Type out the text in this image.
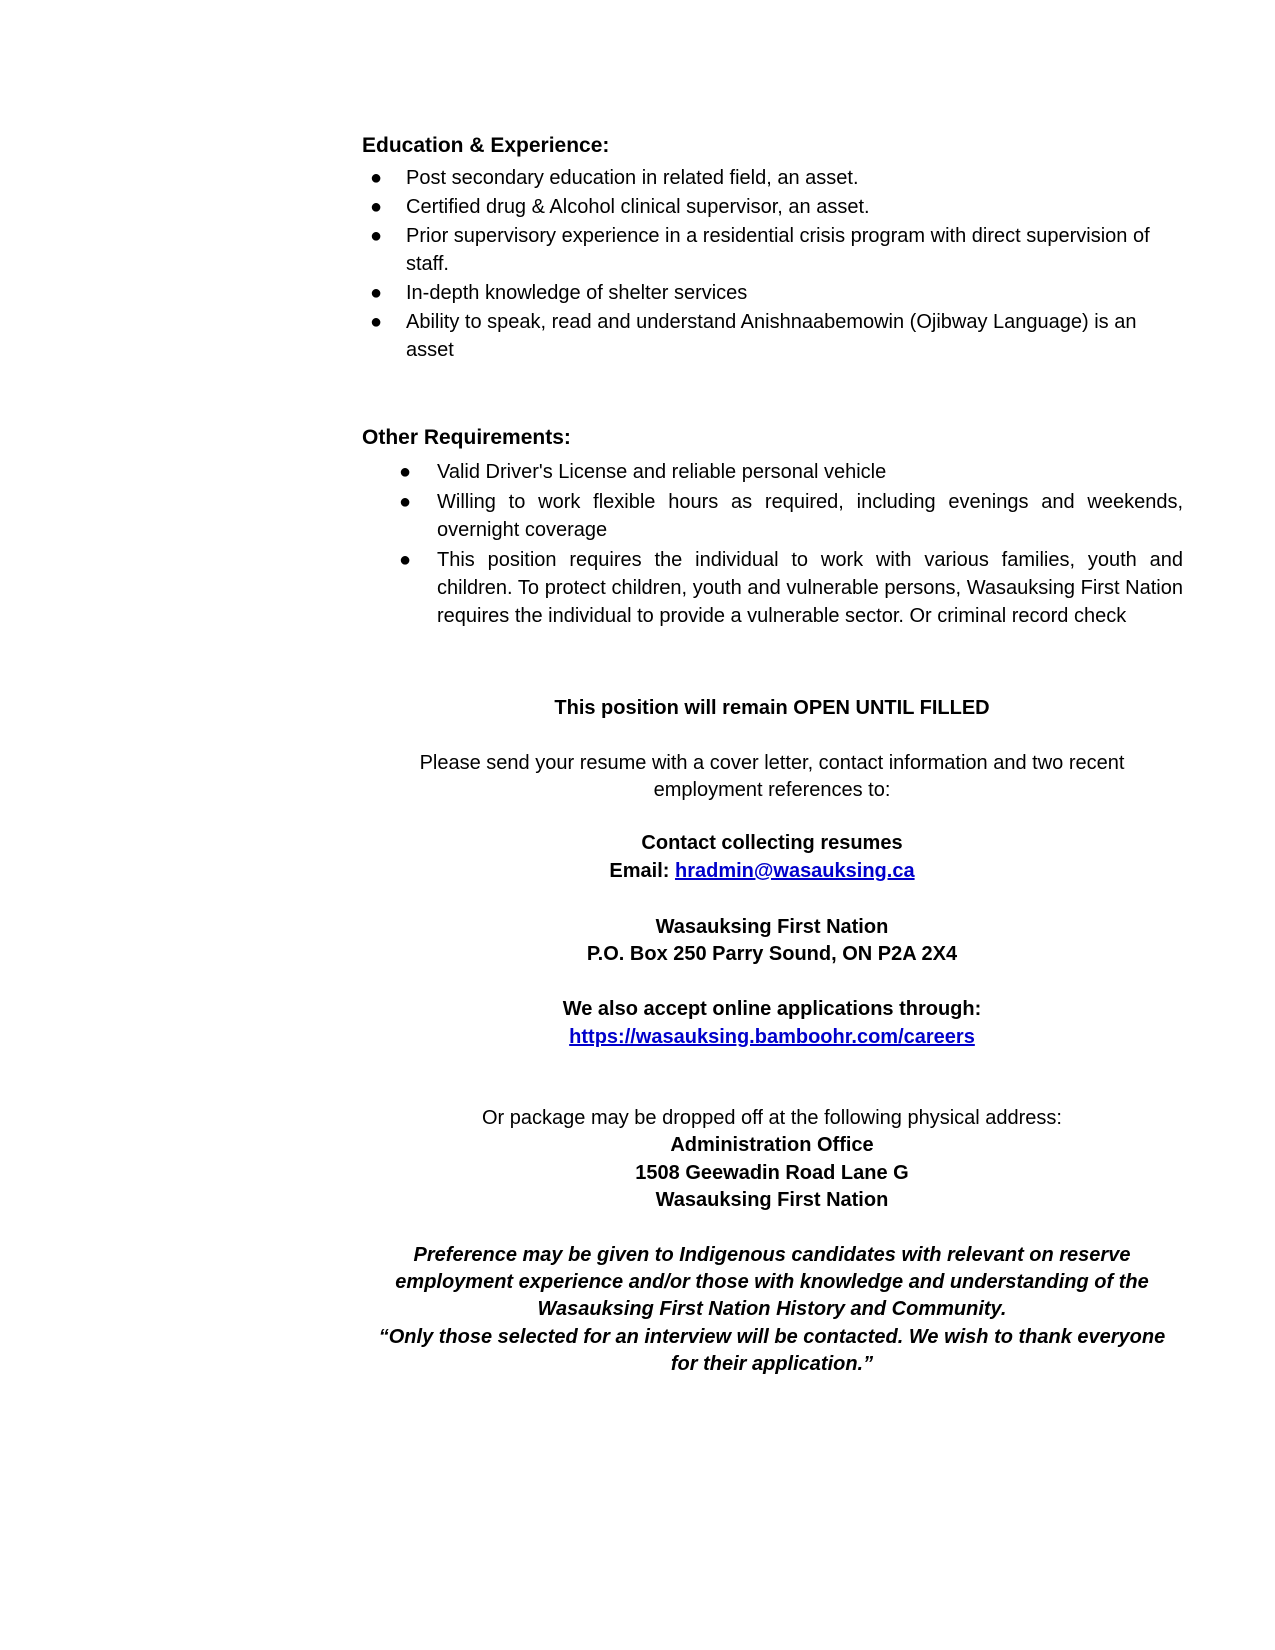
Education & Experience:
● Post secondary education in related field, an asset.
● Certified drug & Alcohol clinical supervisor, an asset.
● Prior supervisory experience in a residential crisis program with direct supervision of staff.
● In-depth knowledge of shelter services
● Ability to speak, read and understand Anishnaabemowin (Ojibway Language) is an asset
Other Requirements:
● Valid Driver's License and reliable personal vehicle
● Willing to work flexible hours as required, including evenings and weekends, overnight coverage
● This position requires the individual to work with various families, youth and children. To protect children, youth and vulnerable persons, Wasauksing First Nation requires the individual to provide a vulnerable sector. Or criminal record check
This position will remain OPEN UNTIL FILLED
Please send your resume with a cover letter, contact information and two recent
employment references to:
Contact collecting resumes
Email: hradmin@wasauksing.ca
Wasauksing First Nation
P.O. Box 250 Parry Sound, ON P2A 2X4
We also accept online applications through:
https://wasauksing.bamboohr.com/careers
Or package may be dropped off at the following physical address:
Administration Office
1508 Geewadin Road Lane G
Wasauksing First Nation
Preference may be given to Indigenous candidates with relevant on reserve
employment experience and/or those with knowledge and understanding of the
Wasauksing First Nation History and Community.
“Only those selected for an interview will be contacted. We wish to thank everyone
for their application.”
